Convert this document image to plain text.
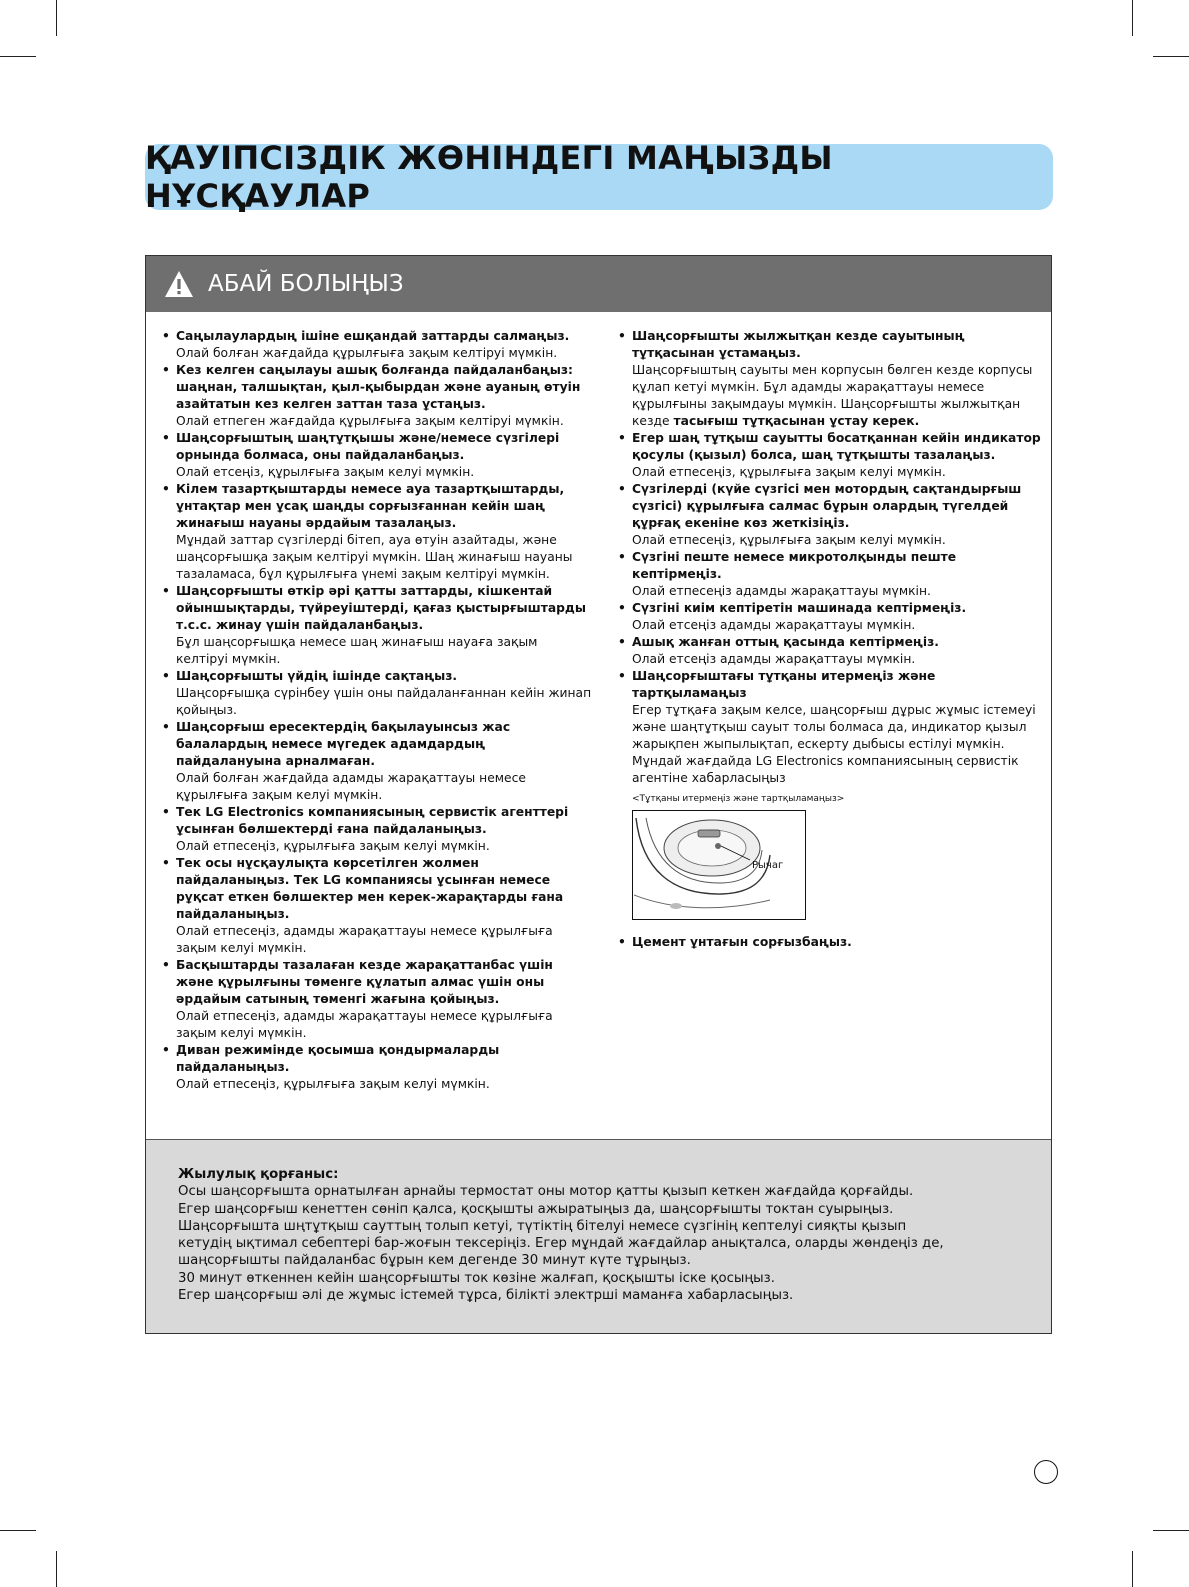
ҚАУІПСІЗДІК ЖӨНІНДЕГІ МАҢЫЗДЫ НҰСҚАУЛАР
АБАЙ БОЛЫҢЫЗ
• Саңылаулардың ішіне ешқандай заттарды салмаңыз.
Олай болған жағдайда құрылғыға зақым келтіруі мүмкін.
• Кез келген саңылауы ашық болғанда пайдаланбаңыз: шаңнан, талшықтан, қыл-қыбырдан және ауаның өтуін азайтатын кез келген заттан таза ұстаңыз.
Олай етпеген жағдайда құрылғыға зақым келтіруі мүмкін.
• Шаңсорғыштың шаңтұтқышы және/немесе сүзгілері орнында болмаса, оны пайдаланбаңыз.
Олай етсеңіз, құрылғыға зақым келуі мүмкін.
• Кілем тазартқыштарды немесе ауа тазартқыштарды, ұнтақтар мен ұсақ шаңды сорғызғаннан кейін шаң жинағыш науаны әрдайым тазалаңыз.
Мұндай заттар сүзгілерді бітеп, ауа өтуін азайтады, және шаңсорғышқа зақым келтіруі мүмкін. Шаң жинағыш науаны тазаламаса, бұл құрылғыға үнемі зақым келтіруі мүмкін.
• Шаңсорғышты өткір әрі қатты заттарды, кішкентай ойыншықтарды, түйреуіштерді, қағаз қыстырғыштарды т.с.с. жинау үшін пайдаланбаңыз.
Бұл шаңсорғышқа немесе шаң жинағыш науаға зақым келтіруі мүмкін.
• Шаңсорғышты үйдің ішінде сақтаңыз.
Шаңсорғышқа сүрінбеу үшін оны пайдаланғаннан кейін жинап қойыңыз.
• Шаңсорғыш ересектердің бақылауынсыз жас балалардың немесе мүгедек адамдардың пайдалануына арналмаған.
Олай болған жағдайда адамды жарақаттауы немесе құрылғыға зақым келуі мүмкін.
• Тек LG Electronics компаниясының сервистік агенттері ұсынған бөлшектерді ғана пайдаланыңыз.
Олай етпесеңіз, құрылғыға зақым келуі мүмкін.
• Тек осы нұсқаулықта көрсетілген жолмен пайдаланыңыз. Тек LG компаниясы ұсынған немесе рұқсат еткен бөлшектер мен керек-жарақтарды ғана пайдаланыңыз.
Олай етпесеңіз, адамды жарақаттауы немесе құрылғыға зақым келуі мүмкін.
• Басқыштарды тазалаған кезде жарақаттанбас үшін және құрылғыны төменге құлатып алмас үшін оны әрдайым сатының төменгі жағына қойыңыз.
Олай етпесеңіз, адамды жарақаттауы немесе құрылғыға зақым келуі мүмкін.
• Диван режимінде қосымша қондырмаларды пайдаланыңыз.
Олай етпесеңіз, құрылғыға зақым келуі мүмкін.
• Шаңсорғышты жылжытқан кезде сауытының тұтқасынан ұстамаңыз.
Шаңсорғыштың сауыты мен корпусын бөлген кезде корпусы құлап кетуі мүмкін. Бұл адамды жарақаттауы немесе құрылғыны зақымдауы мүмкін. Шаңсорғышты жылжытқан кезде тасығыш тұтқасынан ұстау керек.
• Егер шаң тұтқыш сауытты босатқаннан кейін индикатор қосулы (қызыл) болса, шаң тұтқышты тазалаңыз.
Олай етпесеңіз, құрылғыға зақым келуі мүмкін.
• Сүзгілерді (күйе сүзгісі мен мотордың сақтандырғыш сүзгісі) құрылғыға салмас бұрын олардың түгелдей құрғақ екеніне көз жеткізіңіз.
Олай етпесеңіз, құрылғыға зақым келуі мүмкін.
• Сүзгіні пеште немесе микротолқынды пеште кептірмеңіз.
Олай етпесеңіз адамды жарақаттауы мүмкін.
• Сүзгіні киім кептіретін машинада кептірмеңіз.
Олай етсеңіз адамды жарақаттауы мүмкін.
• Ашық жанған оттың қасында кептірмеңіз.
Олай етсеңіз адамды жарақаттауы мүмкін.
• Шаңсорғыштағы тұтқаны итермеңіз және тартқыламаңыз
Егер тұтқаға зақым келсе, шаңсорғыш дұрыс жұмыс істемеуі және шаңтұтқыш сауыт толы болмаса да, индикатор қызыл жарықпен жыпылықтап, ескерту дыбысы естілуі мүмкін. Мұндай жағдайда LG Electronics компаниясының сервистік агентіне хабарласыңыз
<Тұтқаны итермеңіз және тартқыламаңыз>
• Цемент ұнтағын сорғызбаңыз.
Жылулық қорғаныс:
Осы шаңсорғышта орнатылған арнайы термостат оны мотор қатты қызып кеткен жағдайда қорғайды.
Егер шаңсорғыш кенеттен сөніп қалса, қосқышты ажыратыңыз да, шаңсорғышты токтан суырыңыз.
Шаңсорғышта шңтұтқыш сауттың толып кетуі, түтіктің бітелуі немесе сүзгінің кептелуі сияқты қызып
кетудің ықтимал себептері бар-жоғын тексеріңіз. Егер мұндай жағдайлар анықталса, оларды жөндеңіз де,
шаңсорғышты пайдаланбас бұрын кем дегенде 30 минут күте тұрыңыз.
30 минут өткеннен кейін шаңсорғышты ток көзіне жалғап, қосқышты іске қосыңыз.
Егер шаңсорғыш әлі де жұмыс істемей тұрса, білікті электрші маманға хабарласыңыз.
